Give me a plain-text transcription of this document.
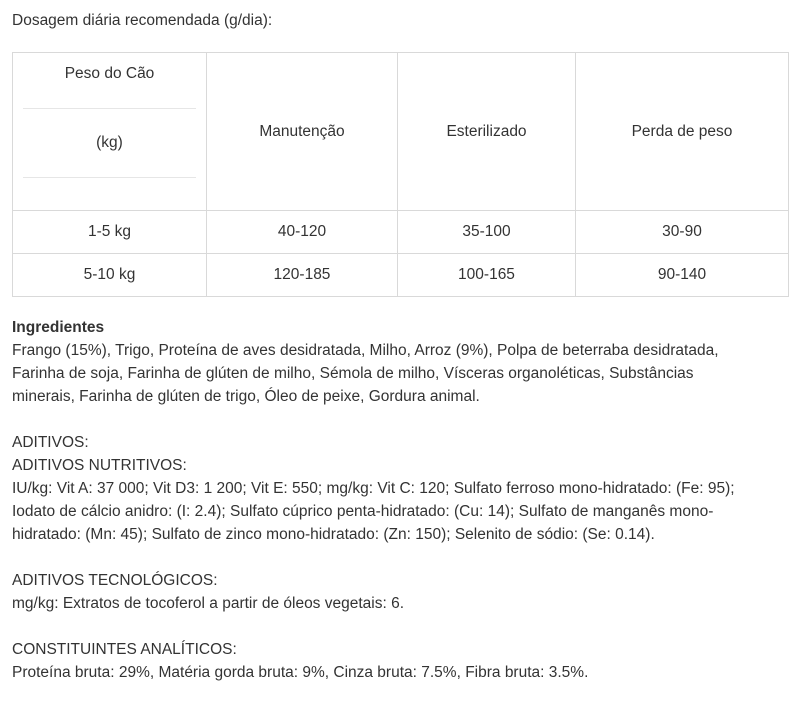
Dosagem diária recomendada (g/dia):
Peso do Cão
(kg)	Manutenção	Esterilizado	Perda de peso
1-5 kg	40-120	35-100	30-90
5-10 kg	120-185	100-165	90-140

Ingredientes

Frango (15%), Trigo, Proteína de aves desidratada, Milho, Arroz (9%), Polpa de beterraba desidratada,

Farinha de soja, Farinha de glúten de milho, Sémola de milho, Vísceras organoléticas, Substâncias

minerais, Farinha de glúten de trigo, Óleo de peixe, Gordura animal.

ADITIVOS:

ADITIVOS NUTRITIVOS:

IU/kg: Vit A: 37 000; Vit D3: 1 200; Vit E: 550; mg/kg: Vit C: 120; Sulfato ferroso mono-hidratado: (Fe: 95);

Iodato de cálcio anidro: (I: 2.4); Sulfato cúprico penta-hidratado: (Cu: 14); Sulfato de manganês mono-

hidratado: (Mn: 45); Sulfato de zinco mono-hidratado: (Zn: 150); Selenito de sódio: (Se: 0.14).

ADITIVOS TECNOLÓGICOS:

mg/kg: Extratos de tocoferol a partir de óleos vegetais: 6.

CONSTITUINTES ANALÍTICOS:

Proteína bruta: 29%, Matéria gorda bruta: 9%, Cinza bruta: 7.5%, Fibra bruta: 3.5%.
